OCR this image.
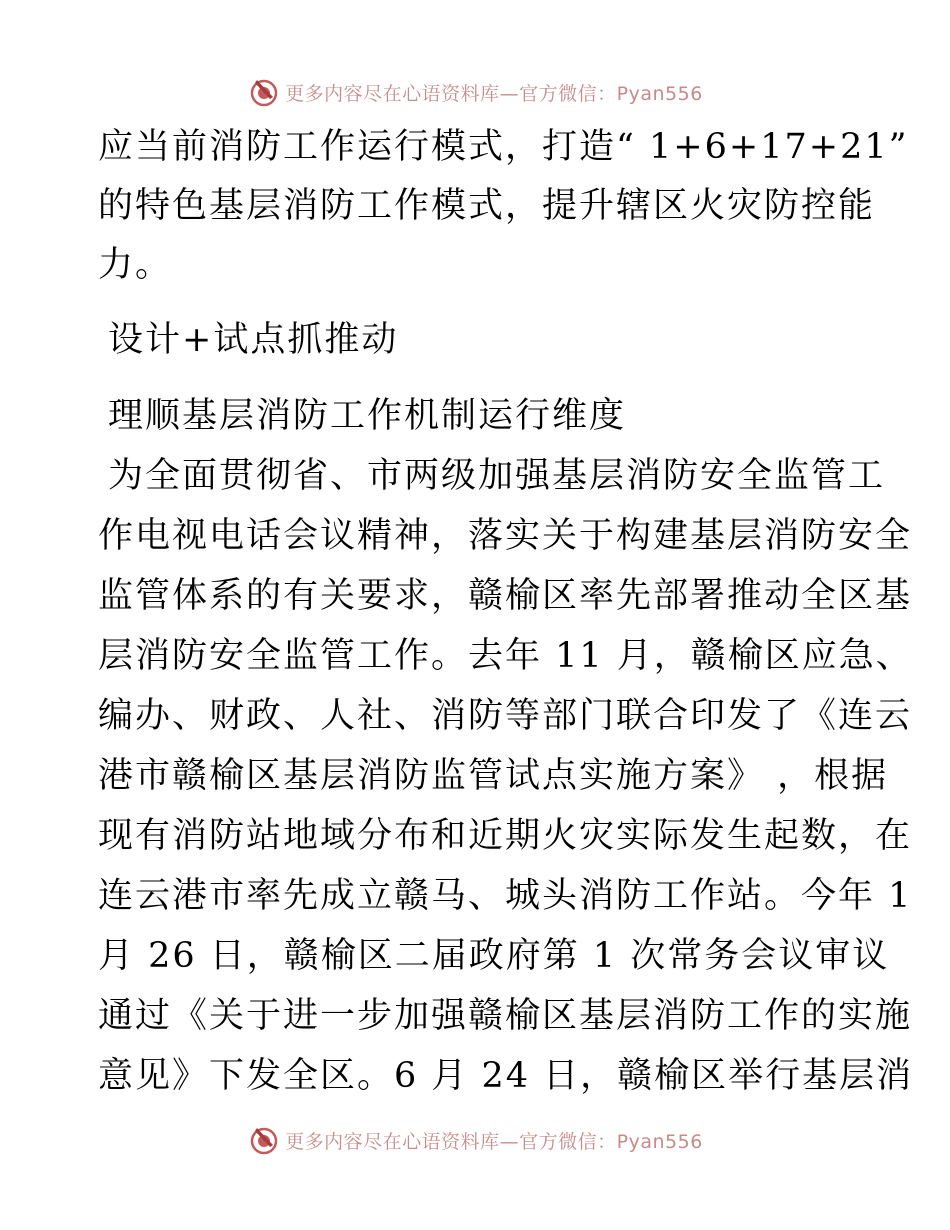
更多内容尽在心语资料库—官方微信：Pyan556

应当前消防工作运行模式，打造“ 1+6+17+21”

的特色基层消防工作模式，提升辖区火灾防控能

力。

设计+试点抓推动

理顺基层消防工作机制运行维度

为全面贯彻省、市两级加强基层消防安全监管工

作电视电话会议精神，落实关于构建基层消防安全

监管体系的有关要求，赣榆区率先部署推动全区基

层消防安全监管工作。去年 11 月，赣榆区应急、

编办、财政、人社、消防等部门联合印发了《连云

港市赣榆区基层消防监管试点实施方案》 ，根据

现有消防站地域分布和近期火灾实际发生起数，在

连云港市率先成立赣马、城头消防工作站。今年 1

月 26 日，赣榆区二届政府第 1 次常务会议审议

通过《关于进一步加强赣榆区基层消防工作的实施

意见》下发全区。6 月 24 日，赣榆区举行基层消

更多内容尽在心语资料库—官方微信：Pyan556
